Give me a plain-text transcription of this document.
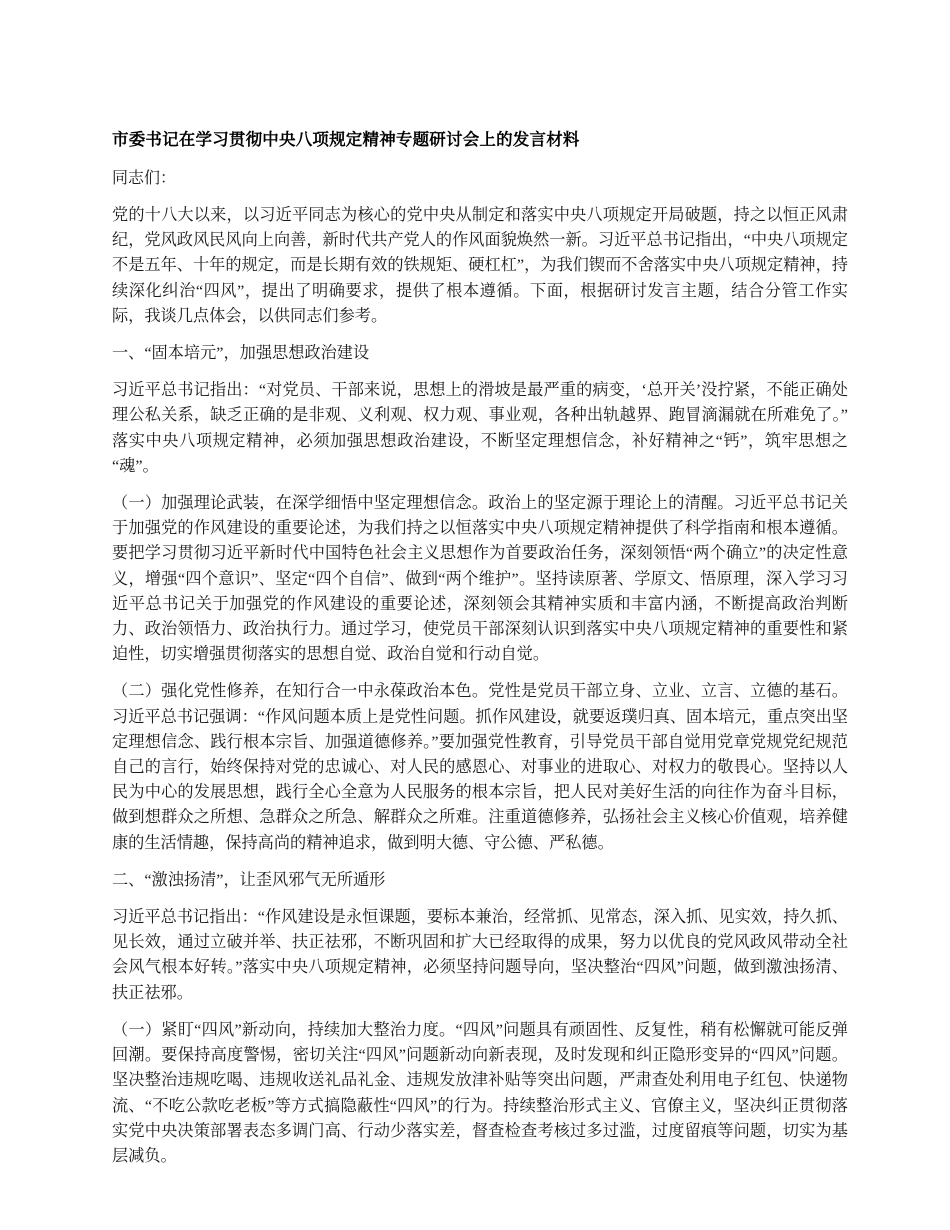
市委书记在学习贯彻中央八项规定精神专题研讨会上的发言材料

同志们：

党的十八大以来，以习近平同志为核心的党中央从制定和落实中央八项规定开局破题，持之以恒正风肃纪，党风政风民风向上向善，新时代共产党人的作风面貌焕然一新。习近平总书记指出，“中央八项规定不是五年、十年的规定，而是长期有效的铁规矩、硬杠杠”，为我们锲而不舍落实中央八项规定精神，持续深化纠治“四风”，提出了明确要求，提供了根本遵循。下面，根据研讨发言主题，结合分管工作实际，我谈几点体会，以供同志们参考。

一、“固本培元”，加强思想政治建设

习近平总书记指出：“对党员、干部来说，思想上的滑坡是最严重的病变，‘总开关’没拧紧，不能正确处理公私关系，缺乏正确的是非观、义利观、权力观、事业观，各种出轨越界、跑冒滴漏就在所难免了。”落实中央八项规定精神，必须加强思想政治建设，不断坚定理想信念，补好精神之“钙”，筑牢思想之“魂”。

（一）加强理论武装，在深学细悟中坚定理想信念。政治上的坚定源于理论上的清醒。习近平总书记关于加强党的作风建设的重要论述，为我们持之以恒落实中央八项规定精神提供了科学指南和根本遵循。要把学习贯彻习近平新时代中国特色社会主义思想作为首要政治任务，深刻领悟“两个确立”的决定性意义，增强“四个意识”、坚定“四个自信”、做到“两个维护”。坚持读原著、学原文、悟原理，深入学习习近平总书记关于加强党的作风建设的重要论述，深刻领会其精神实质和丰富内涵，不断提高政治判断力、政治领悟力、政治执行力。通过学习，使党员干部深刻认识到落实中央八项规定精神的重要性和紧迫性，切实增强贯彻落实的思想自觉、政治自觉和行动自觉。

（二）强化党性修养，在知行合一中永葆政治本色。党性是党员干部立身、立业、立言、立德的基石。习近平总书记强调：“作风问题本质上是党性问题。抓作风建设，就要返璞归真、固本培元，重点突出坚定理想信念、践行根本宗旨、加强道德修养。”要加强党性教育，引导党员干部自觉用党章党规党纪规范自己的言行，始终保持对党的忠诚心、对人民的感恩心、对事业的进取心、对权力的敬畏心。坚持以人民为中心的发展思想，践行全心全意为人民服务的根本宗旨，把人民对美好生活的向往作为奋斗目标，做到想群众之所想、急群众之所急、解群众之所难。注重道德修养，弘扬社会主义核心价值观，培养健康的生活情趣，保持高尚的精神追求，做到明大德、守公德、严私德。

二、“激浊扬清”，让歪风邪气无所遁形

习近平总书记指出：“作风建设是永恒课题，要标本兼治，经常抓、见常态，深入抓、见实效，持久抓、见长效，通过立破并举、扶正祛邪，不断巩固和扩大已经取得的成果，努力以优良的党风政风带动全社会风气根本好转。”落实中央八项规定精神，必须坚持问题导向，坚决整治“四风”问题，做到激浊扬清、扶正祛邪。

（一）紧盯“四风”新动向，持续加大整治力度。“四风”问题具有顽固性、反复性，稍有松懈就可能反弹回潮。要保持高度警惕，密切关注“四风”问题新动向新表现，及时发现和纠正隐形变异的“四风”问题。坚决整治违规吃喝、违规收送礼品礼金、违规发放津补贴等突出问题，严肃查处利用电子红包、快递物流、“不吃公款吃老板”等方式搞隐蔽性“四风”的行为。持续整治形式主义、官僚主义，坚决纠正贯彻落实党中央决策部署表态多调门高、行动少落实差，督查检查考核过多过滥，过度留痕等问题，切实为基层减负。
